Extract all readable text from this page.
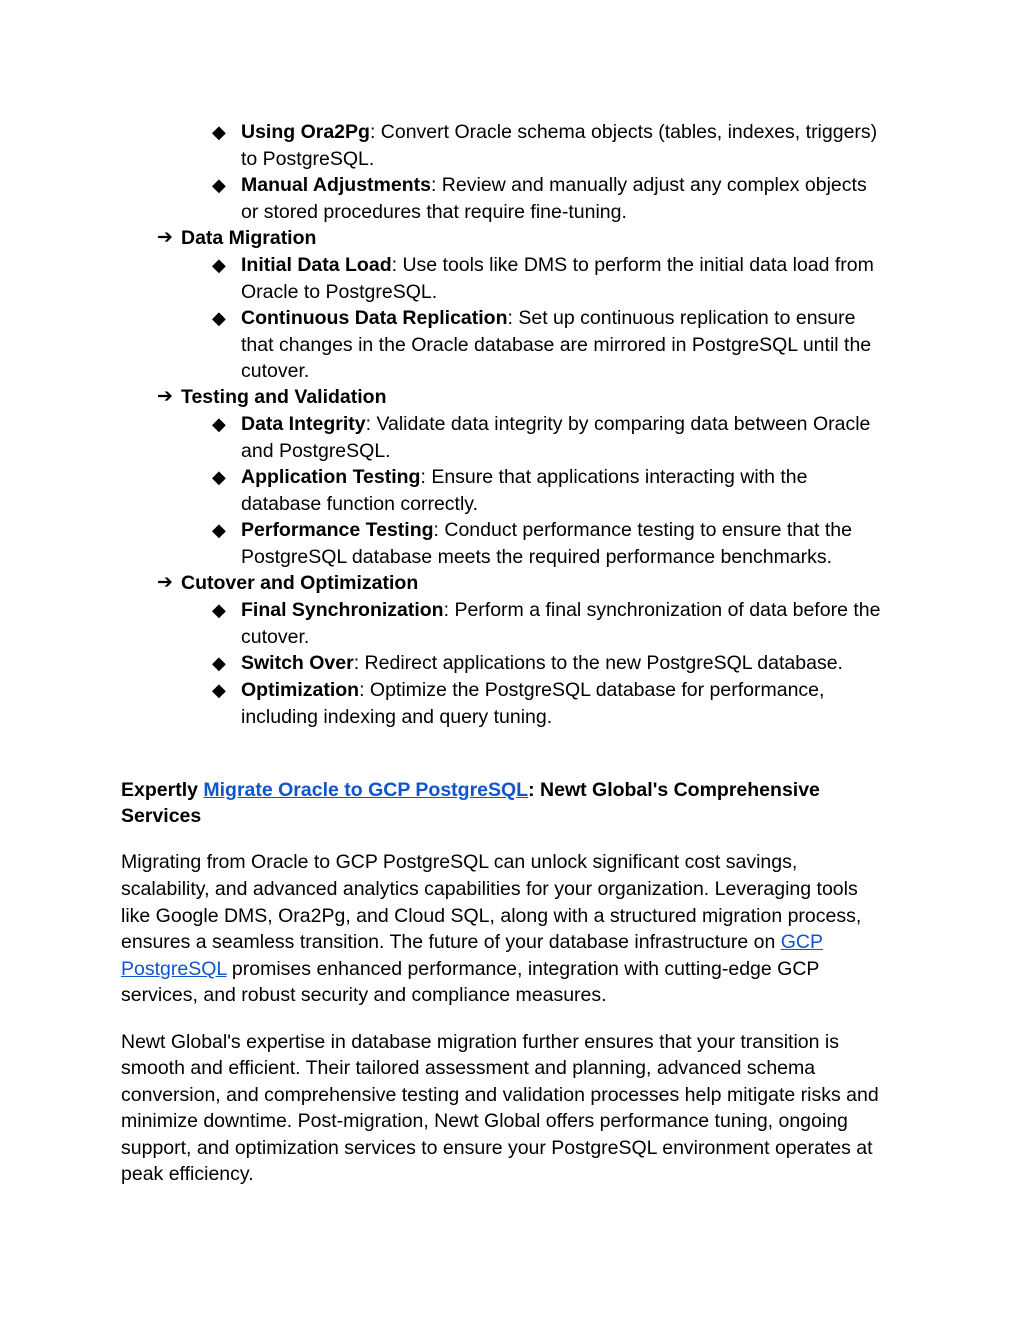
◆ Using Ora2Pg: Convert Oracle schema objects (tables, indexes, triggers)
to PostgreSQL.
◆ Manual Adjustments: Review and manually adjust any complex objects
or stored procedures that require fine-tuning.
➔ Data Migration
◆ Initial Data Load: Use tools like DMS to perform the initial data load from
Oracle to PostgreSQL.
◆ Continuous Data Replication: Set up continuous replication to ensure
that changes in the Oracle database are mirrored in PostgreSQL until the
cutover.
➔ Testing and Validation
◆ Data Integrity: Validate data integrity by comparing data between Oracle
and PostgreSQL.
◆ Application Testing: Ensure that applications interacting with the
database function correctly.
◆ Performance Testing: Conduct performance testing to ensure that the
PostgreSQL database meets the required performance benchmarks.
➔ Cutover and Optimization
◆ Final Synchronization: Perform a final synchronization of data before the
cutover.
◆ Switch Over: Redirect applications to the new PostgreSQL database.
◆ Optimization: Optimize the PostgreSQL database for performance,
including indexing and query tuning.
Expertly Migrate Oracle to GCP PostgreSQL: Newt Global's Comprehensive
Services
Migrating from Oracle to GCP PostgreSQL can unlock significant cost savings,
scalability, and advanced analytics capabilities for your organization. Leveraging tools
like Google DMS, Ora2Pg, and Cloud SQL, along with a structured migration process,
ensures a seamless transition. The future of your database infrastructure on GCP
PostgreSQL promises enhanced performance, integration with cutting-edge GCP
services, and robust security and compliance measures.
Newt Global's expertise in database migration further ensures that your transition is
smooth and efficient. Their tailored assessment and planning, advanced schema
conversion, and comprehensive testing and validation processes help mitigate risks and
minimize downtime. Post-migration, Newt Global offers performance tuning, ongoing
support, and optimization services to ensure your PostgreSQL environment operates at
peak efficiency.
